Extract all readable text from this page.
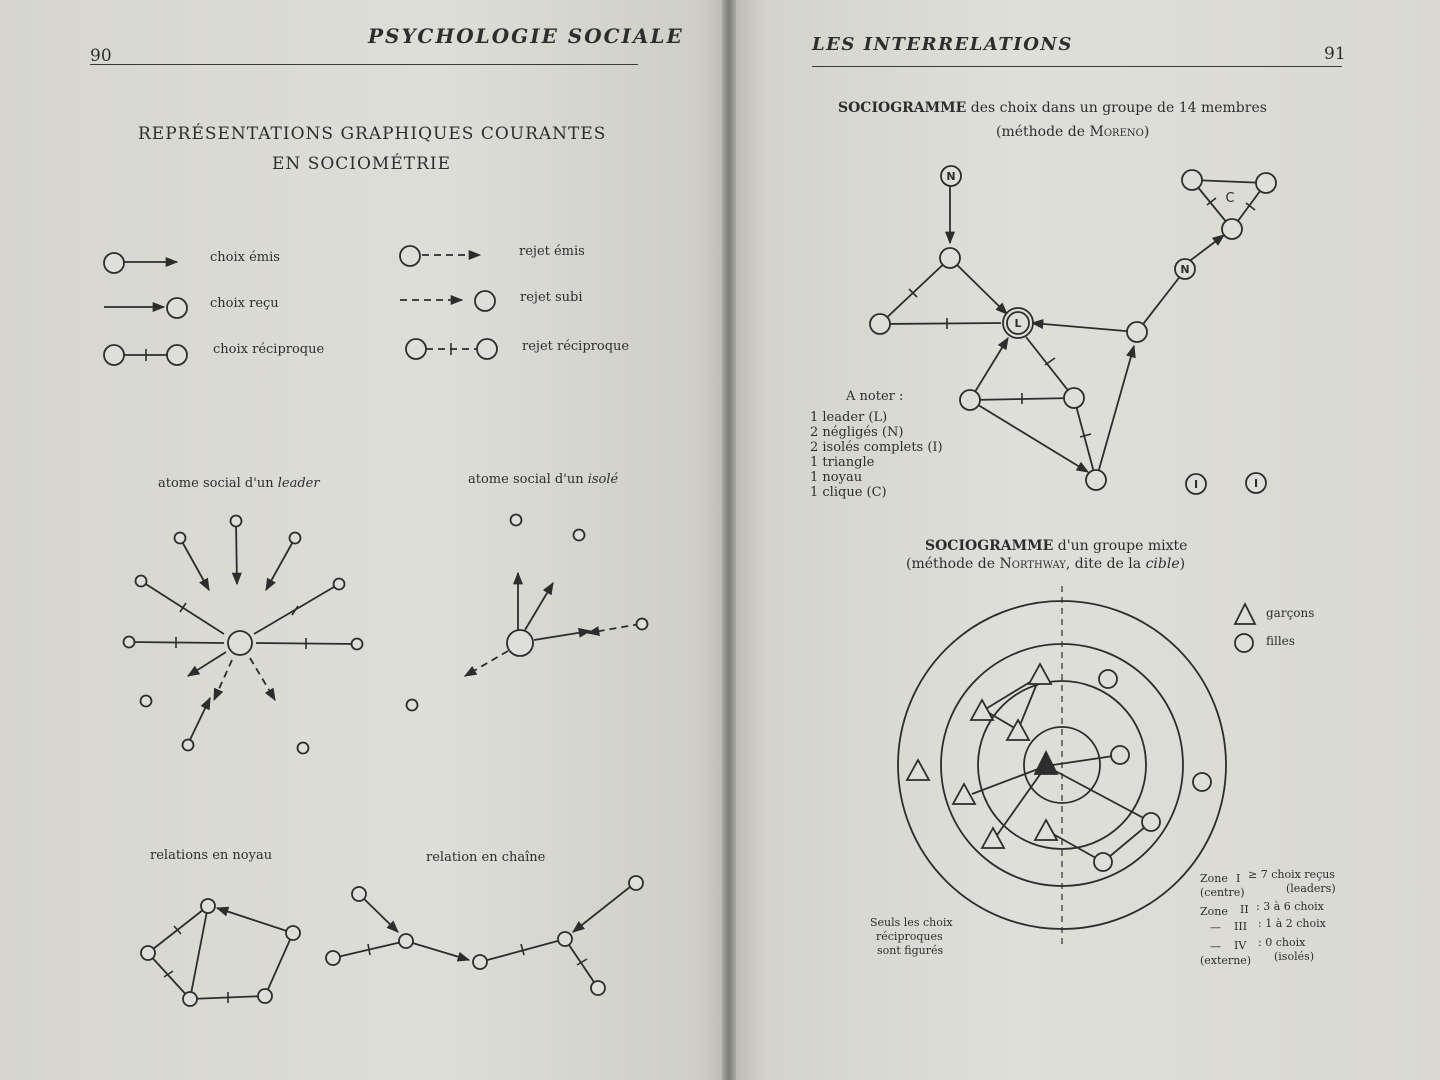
90
PSYCHOLOGIE SOCIALE
REPRÉSENTATIONS GRAPHIQUES COURANTES
EN SOCIOMÉTRIE
choix émis
choix reçu
choix réciproque
rejet émis
rejet subi
rejet réciproque
atome social d'un leader	atome social d'un isolé
relations en noyau	relation en chaîne
LES INTERRELATIONS	91
SOCIOGRAMME des choix dans un groupe de 14 membres
(méthode de Moreno)
A noter :
1 leader (L)
2 négligés (N)
2 isolés complets (I)
1 triangle
1 noyau
1 clique (C)
SOCIOGRAMME d'un groupe mixte
(méthode de Northway, dite de la cible)
garçons
filles
Seuls les choix
réciproques
sont figurés
Zone I ≥ 7 choix reçus
(centre)	(leaders)
Zone II : 3 à 6 choix
— III : 1 à 2 choix
— IV : 0 choix
(externe) (isolés)
N
N
L
C
I	I
